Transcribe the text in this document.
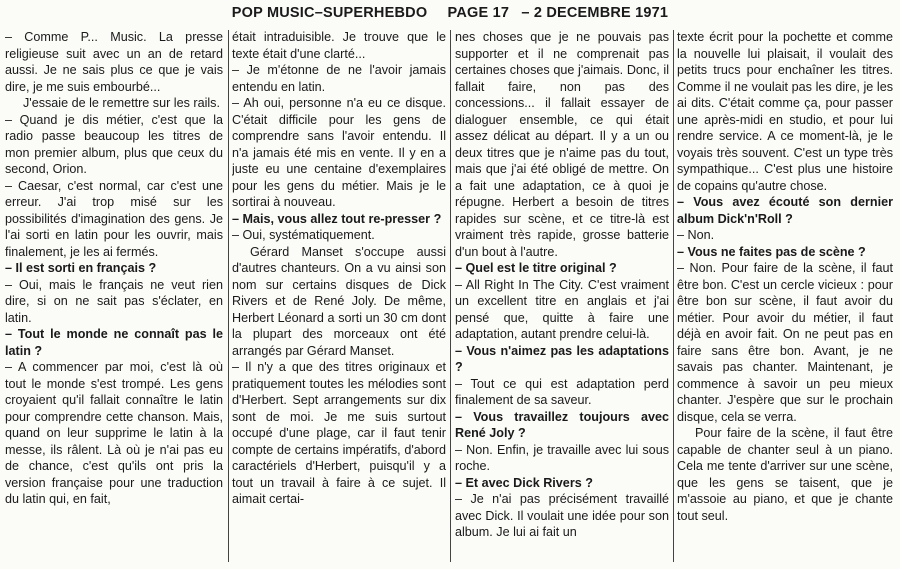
POP MUSIC–SUPERHEBDO PAGE 17 – 2 DECEMBRE 1971

– Comme P... Music. La presse religieuse suit avec un an de retard aussi. Je ne sais plus ce que je vais dire, je me suis embourbé...

J'essaie de le remettre sur les rails.

– Quand je dis métier, c'est que la radio passe beaucoup les titres de mon premier album, plus que ceux du second, Orion.

– Caesar, c'est normal, car c'est une erreur. J'ai trop misé sur les possibilités d'imagination des gens. Je l'ai sorti en latin pour les ouvrir, mais finalement, je les ai fermés.

– Il est sorti en français ?

– Oui, mais le français ne veut rien dire, si on ne sait pas s'éclater, en latin.

– Tout le monde ne connaît pas le latin ?

– A commencer par moi, c'est là où tout le monde s'est trompé. Les gens croyaient qu'il fallait connaître le latin pour comprendre cette chanson. Mais, quand on leur supprime le latin à la messe, ils râlent. Là où je n'ai pas eu de chance, c'est qu'ils ont pris la version française pour une traduction du latin qui, en fait,

était intraduisible. Je trouve que le texte était d'une clarté...

– Je m'étonne de ne l'avoir jamais entendu en latin.

– Ah oui, personne n'a eu ce disque. C'était difficile pour les gens de comprendre sans l'avoir entendu. Il n'a jamais été mis en vente. Il y en a juste eu une centaine d'exemplaires pour les gens du métier. Mais je le sortirai à nouveau.

– Mais, vous allez tout re-presser ?

– Oui, systématiquement.

Gérard Manset s'occupe aussi d'autres chanteurs. On a vu ainsi son nom sur certains disques de Dick Rivers et de René Joly. De même, Herbert Léonard a sorti un 30 cm dont la plupart des morceaux ont été arrangés par Gérard Manset.

– Il n'y a que des titres originaux et pratiquement toutes les mélodies sont d'Herbert. Sept arrangements sur dix sont de moi. Je me suis surtout occupé d'une plage, car il faut tenir compte de certains impératifs, d'abord caractériels d'Herbert, puisqu'il y a tout un travail à faire à ce sujet. Il aimait certai-

nes choses que je ne pouvais pas supporter et il ne comprenait pas certaines choses que j'aimais. Donc, il fallait faire, non pas des concessions... il fallait essayer de dialoguer ensemble, ce qui était assez délicat au départ. Il y a un ou deux titres que je n'aime pas du tout, mais que j'ai été obligé de mettre. On a fait une adaptation, ce à quoi je répugne. Herbert a besoin de titres rapides sur scène, et ce titre-là est vraiment très rapide, grosse batterie d'un bout à l'autre.

– Quel est le titre original ?

– All Right In The City. C'est vraiment un excellent titre en anglais et j'ai pensé que, quitte à faire une adaptation, autant prendre celui-là.

– Vous n'aimez pas les adaptations ?

– Tout ce qui est adaptation perd finalement de sa saveur.

– Vous travaillez toujours avec René Joly ?

– Non. Enfin, je travaille avec lui sous roche.

– Et avec Dick Rivers ?

– Je n'ai pas précisément travaillé avec Dick. Il voulait une idée pour son album. Je lui ai fait un

texte écrit pour la pochette et comme la nouvelle lui plaisait, il voulait des petits trucs pour enchaîner les titres. Comme il ne voulait pas les dire, je les ai dits. C'était comme ça, pour passer une après-midi en studio, et pour lui rendre service. A ce moment-là, je le voyais très souvent. C'est un type très sympathique... C'est plus une histoire de copains qu'autre chose.

– Vous avez écouté son dernier album Dick'n'Roll ?

– Non.

– Vous ne faites pas de scène ?

– Non. Pour faire de la scène, il faut être bon. C'est un cercle vicieux : pour être bon sur scène, il faut avoir du métier. Pour avoir du métier, il faut déjà en avoir fait. On ne peut pas en faire sans être bon. Avant, je ne savais pas chanter. Maintenant, je commence à savoir un peu mieux chanter. J'espère que sur le prochain disque, cela se verra.

Pour faire de la scène, il faut être capable de chanter seul à un piano. Cela me tente d'arriver sur une scène, que les gens se taisent, que je m'assoie au piano, et que je chante tout seul.
